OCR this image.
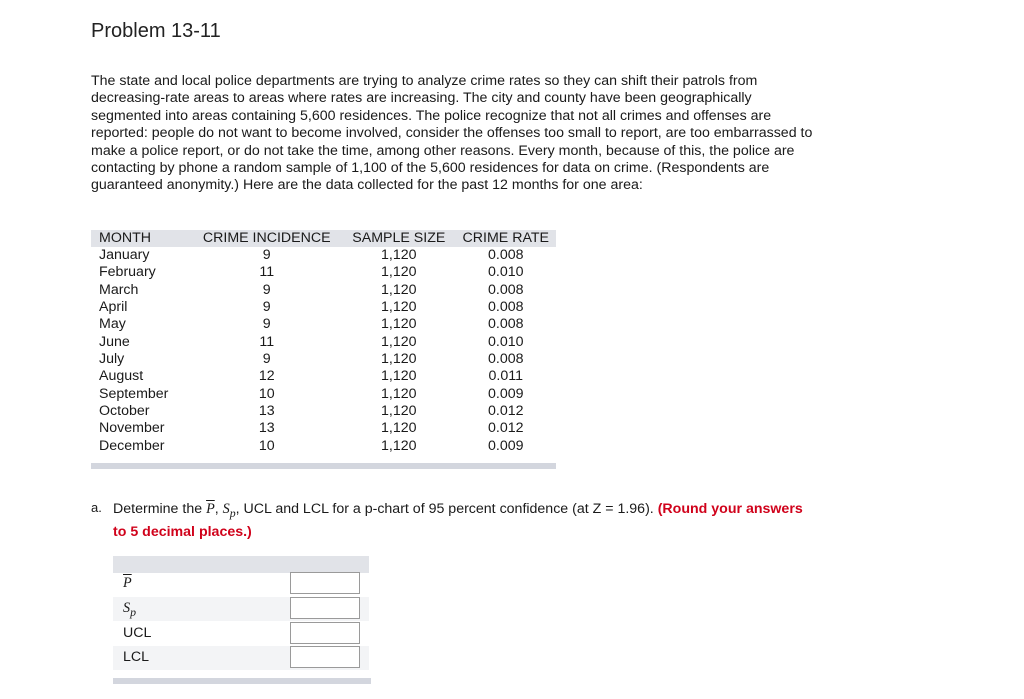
Problem 13-11

The state and local police departments are trying to analyze crime rates so they can shift their patrols from decreasing-rate areas to areas where rates are increasing. The city and county have been geographically segmented into areas containing 5,600 residences. The police recognize that not all crimes and offenses are reported: people do not want to become involved, consider the offenses too small to report, are too embarrassed to make a police report, or do not take the time, among other reasons. Every month, because of this, the police are contacting by phone a random sample of 1,100 of the 5,600 residences for data on crime. (Respondents are guaranteed anonymity.) Here are the data collected for the past 12 months for one area:

MONTH	CRIME INCIDENCE	SAMPLE SIZE	CRIME RATE
January	9	1,120	0.008
February	11	1,120	0.010
March	9	1,120	0.008
April	9	1,120	0.008
May	9	1,120	0.008
June	11	1,120	0.010
July	9	1,120	0.008
August	12	1,120	0.011
September	10	1,120	0.009
October	13	1,120	0.012
November	13	1,120	0.012
December	10	1,120	0.009
a. Determine the $\overline{P}$, $S_p$, UCL and LCL for a p-chart of 95 percent confidence (at Z = 1.96). (Round your answers to 5 decimal places.)

$\overline{P}$
$S_p$
UCL
LCL
